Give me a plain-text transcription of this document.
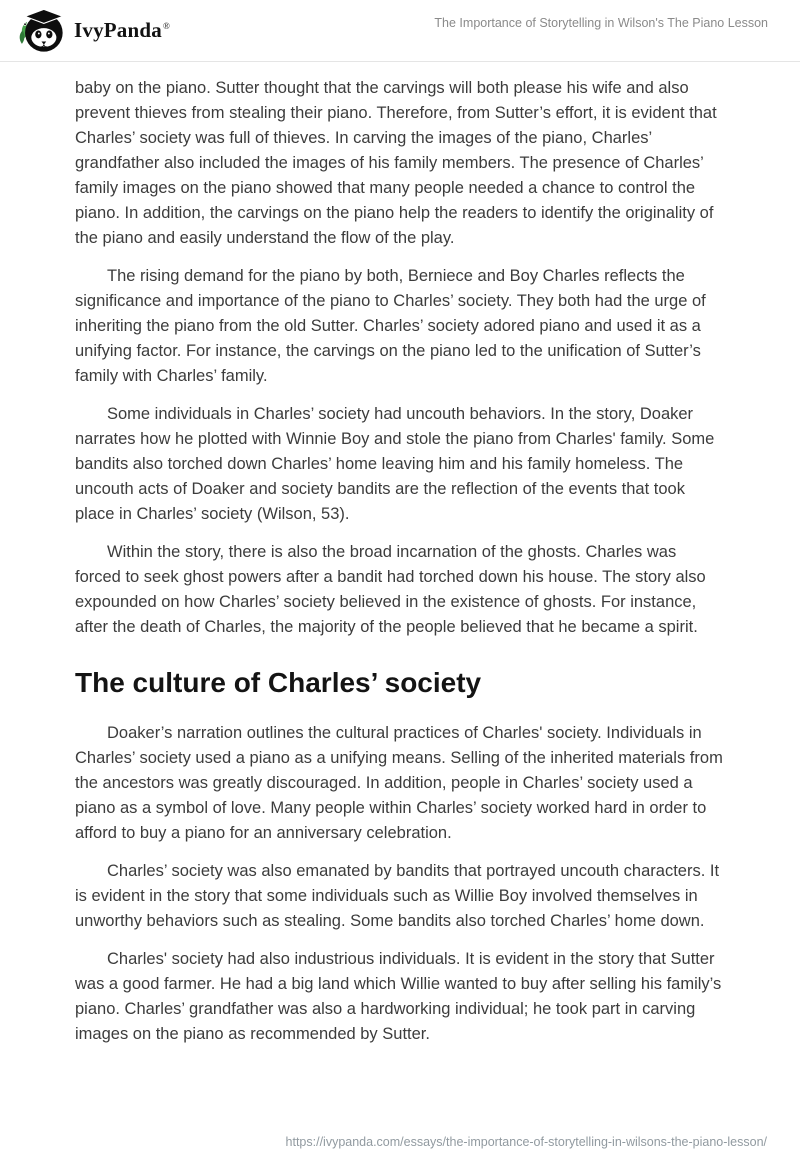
IvyPanda®	The Importance of Storytelling in Wilson's The Piano Lesson

baby on the piano. Sutter thought that the carvings will both please his wife and also prevent thieves from stealing their piano. Therefore, from Sutter’s effort, it is evident that Charles’ society was full of thieves. In carving the images of the piano, Charles’ grandfather also included the images of his family members. The presence of Charles’ family images on the piano showed that many people needed a chance to control the piano. In addition, the carvings on the piano help the readers to identify the originality of the piano and easily understand the flow of the play.

The rising demand for the piano by both, Berniece and Boy Charles reflects the significance and importance of the piano to Charles’ society. They both had the urge of inheriting the piano from the old Sutter. Charles’ society adored piano and used it as a unifying factor. For instance, the carvings on the piano led to the unification of Sutter’s family with Charles’ family.

Some individuals in Charles’ society had uncouth behaviors. In the story, Doaker narrates how he plotted with Winnie Boy and stole the piano from Charles' family. Some bandits also torched down Charles’ home leaving him and his family homeless. The uncouth acts of Doaker and society bandits are the reflection of the events that took place in Charles’ society (Wilson, 53).

Within the story, there is also the broad incarnation of the ghosts. Charles was forced to seek ghost powers after a bandit had torched down his house. The story also expounded on how Charles’ society believed in the existence of ghosts. For instance, after the death of Charles, the majority of the people believed that he became a spirit.

The culture of Charles’ society

Doaker’s narration outlines the cultural practices of Charles' society. Individuals in Charles’ society used a piano as a unifying means. Selling of the inherited materials from the ancestors was greatly discouraged. In addition, people in Charles’ society used a piano as a symbol of love. Many people within Charles’ society worked hard in order to afford to buy a piano for an anniversary celebration.

Charles’ society was also emanated by bandits that portrayed uncouth characters. It is evident in the story that some individuals such as Willie Boy involved themselves in unworthy behaviors such as stealing. Some bandits also torched Charles’ home down.

Charles' society had also industrious individuals. It is evident in the story that Sutter was a good farmer. He had a big land which Willie wanted to buy after selling his family’s piano. Charles’ grandfather was also a hardworking individual; he took part in carving images on the piano as recommended by Sutter.

https://ivypanda.com/essays/the-importance-of-storytelling-in-wilsons-the-piano-lesson/
